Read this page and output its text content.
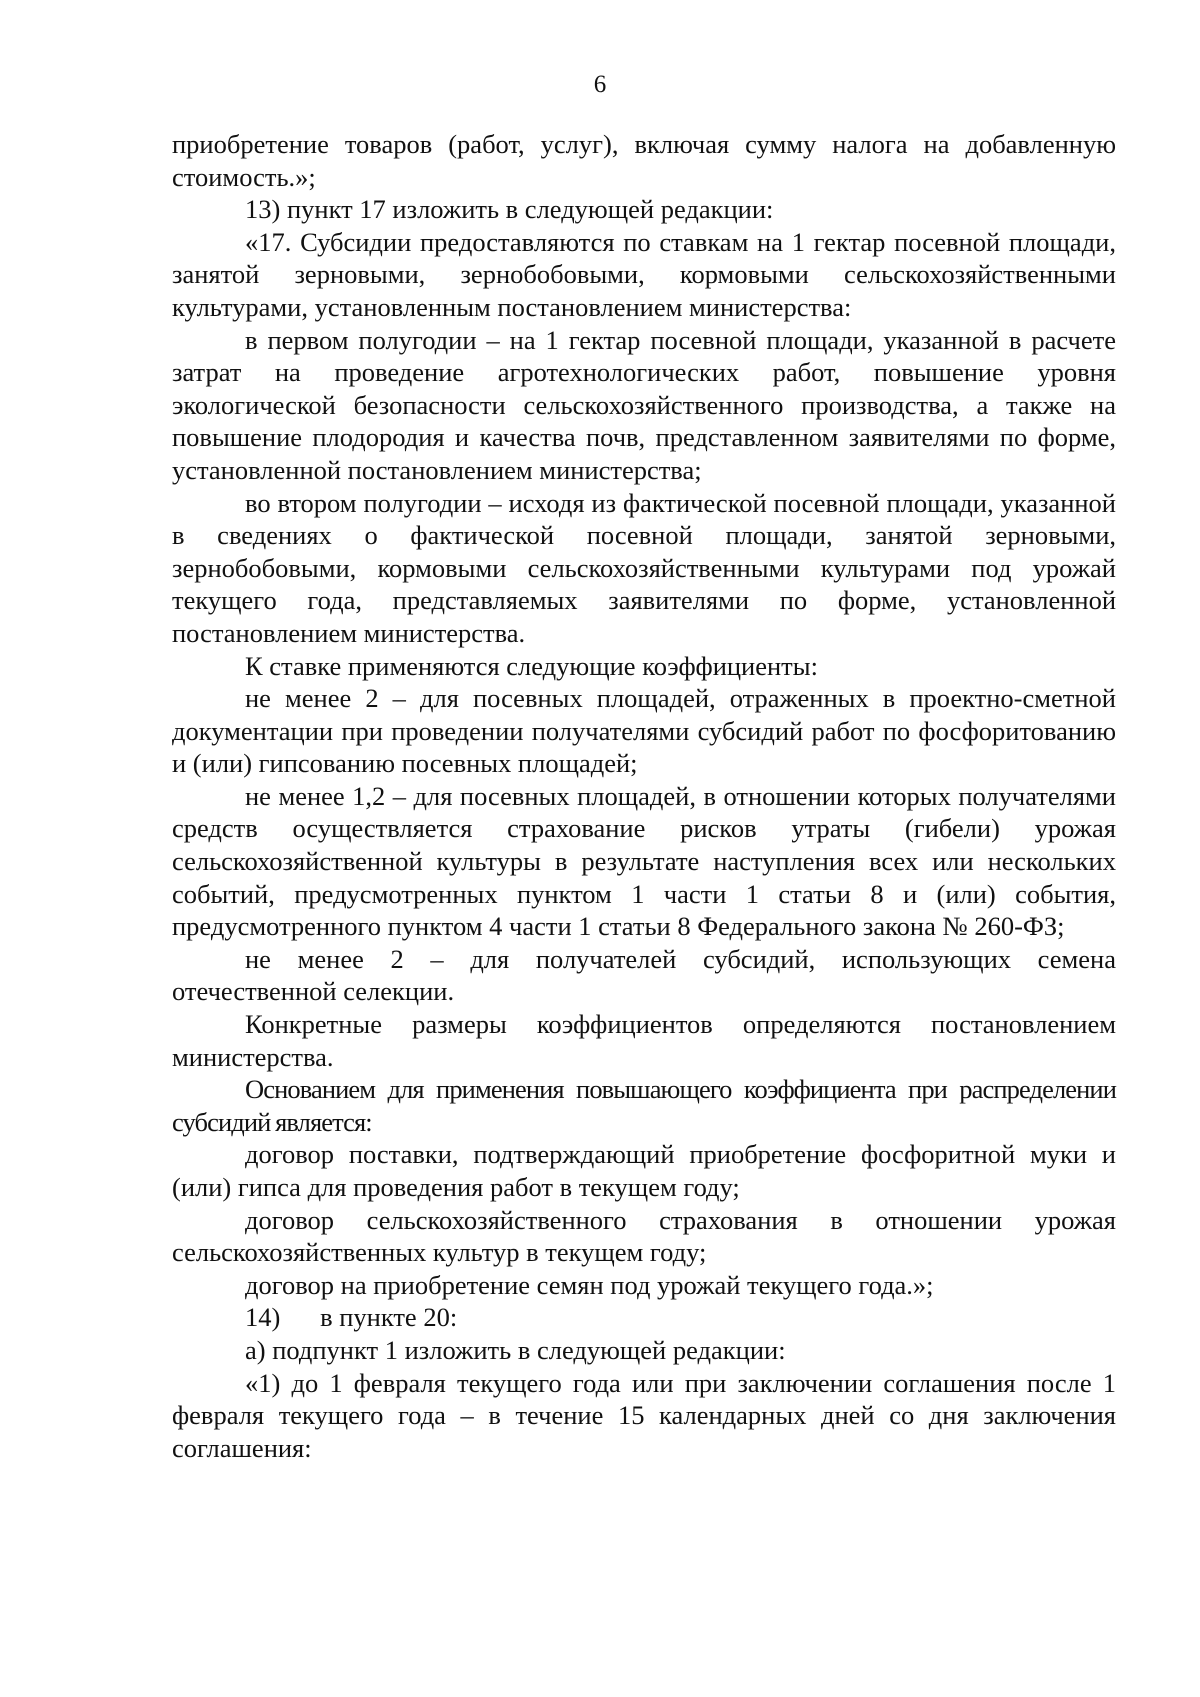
6

приобретение товаров (работ, услуг), включая сумму налога на добавленную стоимость.»;

13) пункт 17 изложить в следующей редакции:

«17. Субсидии предоставляются по ставкам на 1 гектар посевной площади, занятой зерновыми, зернобобовыми, кормовыми сельскохозяйственными культурами, установленным постановлением министерства:

в первом полугодии – на 1 гектар посевной площади, указанной в расчете затрат на проведение агротехнологических работ, повышение уровня экологической безопасности сельскохозяйственного производства, а также на повышение плодородия и качества почв, представленном заявителями по форме, установленной постановлением министерства;

во втором полугодии – исходя из фактической посевной площади, указанной в сведениях о фактической посевной площади, занятой зерновыми, зернобобовыми, кормовыми сельскохозяйственными культурами под урожай текущего года, представляемых заявителями по форме, установленной постановлением министерства.

К ставке применяются следующие коэффициенты:

не менее 2 – для посевных площадей, отраженных в проектно-сметной документации при проведении получателями субсидий работ по фосфоритованию и (или) гипсованию посевных площадей;

не менее 1,2 – для посевных площадей, в отношении которых получателями средств осуществляется страхование рисков утраты (гибели) урожая сельскохозяйственной культуры в результате наступления всех или нескольких событий, предусмотренных пунктом 1 части 1 статьи 8 и (или) события, предусмотренного пунктом 4 части 1 статьи 8 Федерального закона № 260-ФЗ;

не менее 2 – для получателей субсидий, использующих семена отечественной селекции.

Конкретные размеры коэффициентов определяются постановлением министерства.

Основанием для применения повышающего коэффициента при распределении субсидий является:

договор поставки, подтверждающий приобретение фосфоритной муки и (или) гипса для проведения работ в текущем году;

договор сельскохозяйственного страхования в отношении урожая сельскохозяйственных культур в текущем году;

договор на приобретение семян под урожай текущего года.»;

14)      в пункте 20:

а) подпункт 1 изложить в следующей редакции:

«1) до 1 февраля текущего года или при заключении соглашения после 1 февраля текущего года – в течение 15 календарных дней со дня заключения соглашения:
